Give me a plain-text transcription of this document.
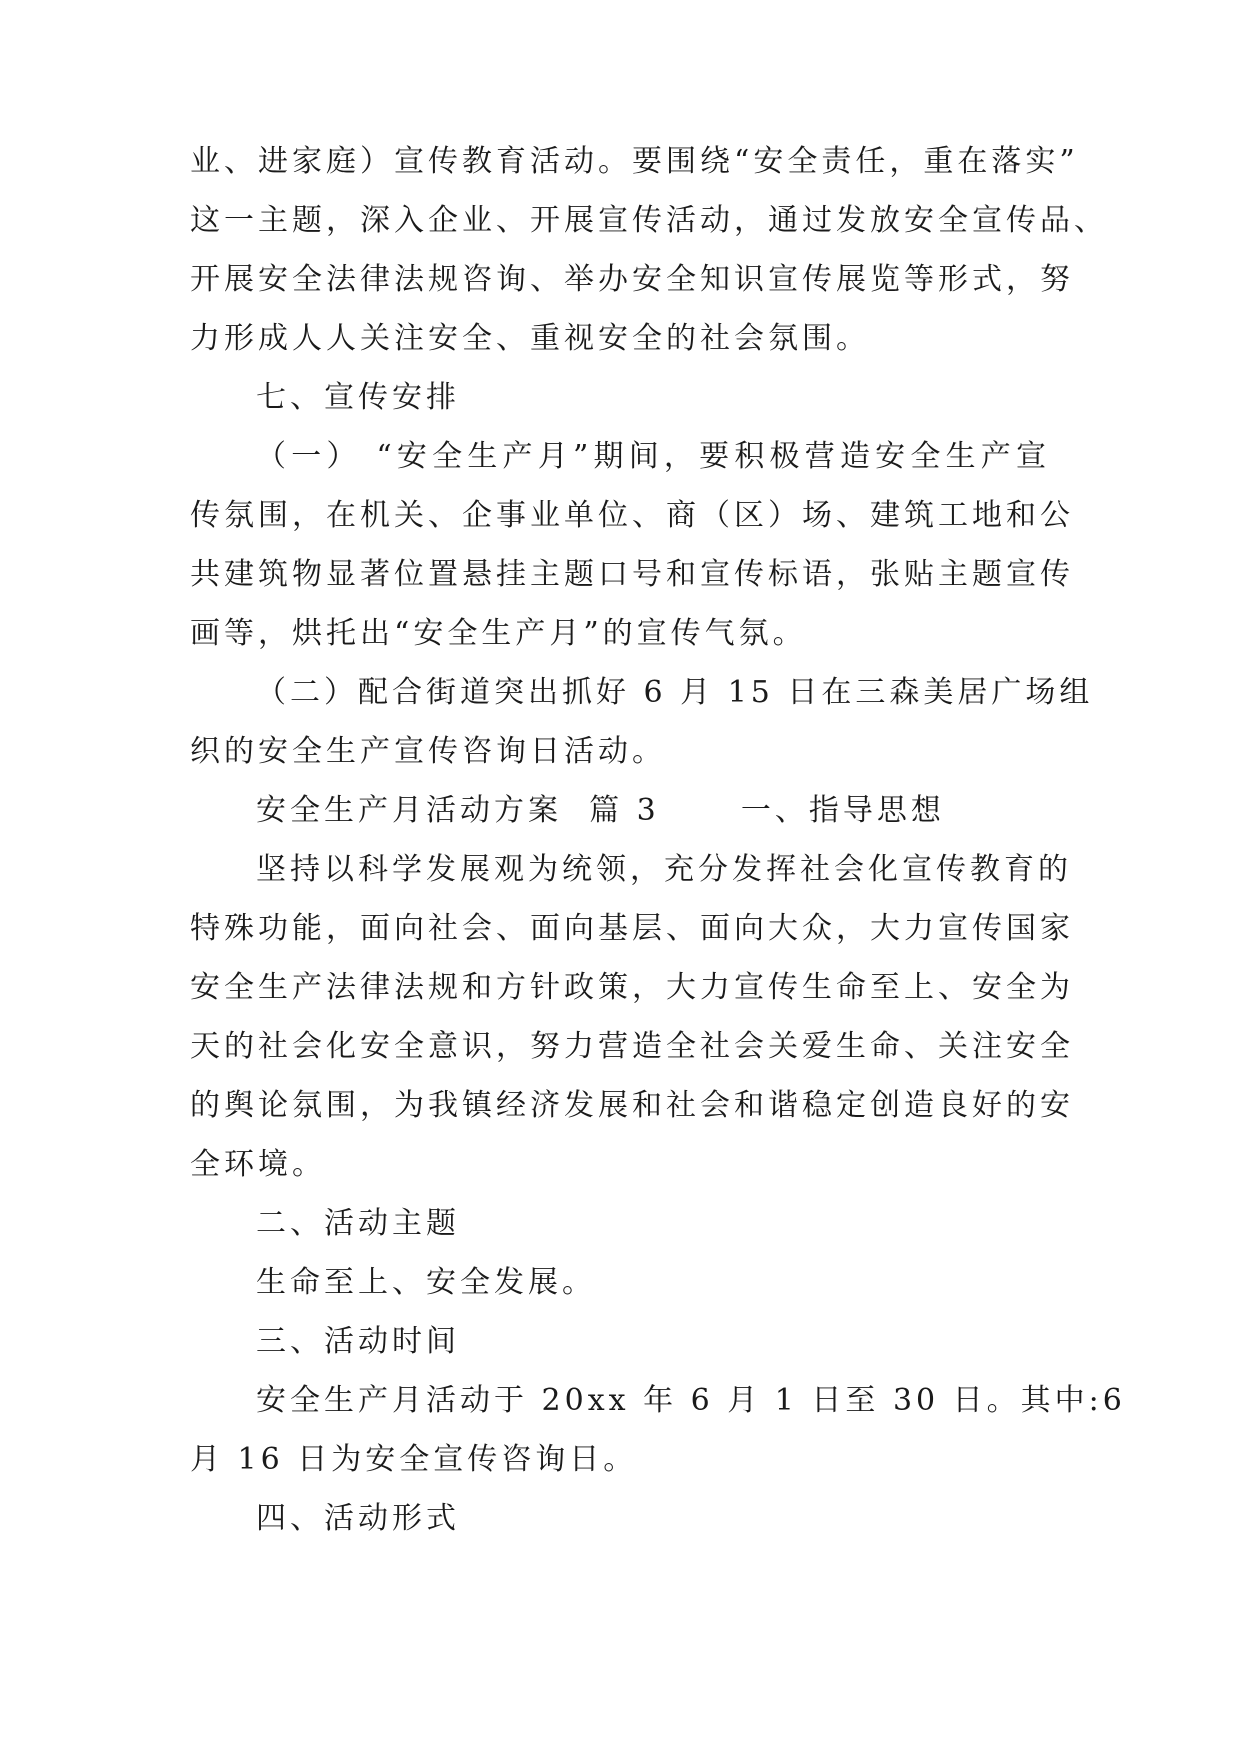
业、进家庭）宣传教育活动。要围绕“安全责任，重在落实”
这一主题，深入企业、开展宣传活动，通过发放安全宣传品、
开展安全法律法规咨询、举办安全知识宣传展览等形式，努
力形成人人关注安全、重视安全的社会氛围。
七、宣传安排
（一） “安全生产月”期间，要积极营造安全生产宣
传氛围，在机关、企事业单位、商（区）场、建筑工地和公
共建筑物显著位置悬挂主题口号和宣传标语，张贴主题宣传
画等，烘托出“安全生产月”的宣传气氛。
（二）配合街道突出抓好 6 月 15 日在三森美居广场组
织的安全生产宣传咨询日活动。
安全生产月活动方案  篇 3      一、指导思想
坚持以科学发展观为统领，充分发挥社会化宣传教育的
特殊功能，面向社会、面向基层、面向大众，大力宣传国家
安全生产法律法规和方针政策，大力宣传生命至上、安全为
天的社会化安全意识，努力营造全社会关爱生命、关注安全
的舆论氛围，为我镇经济发展和社会和谐稳定创造良好的安
全环境。
二、活动主题
生命至上、安全发展。
三、活动时间
安全生产月活动于 20xx 年 6 月 1 日至 30 日。其中:6
月 16 日为安全宣传咨询日。
四、活动形式
